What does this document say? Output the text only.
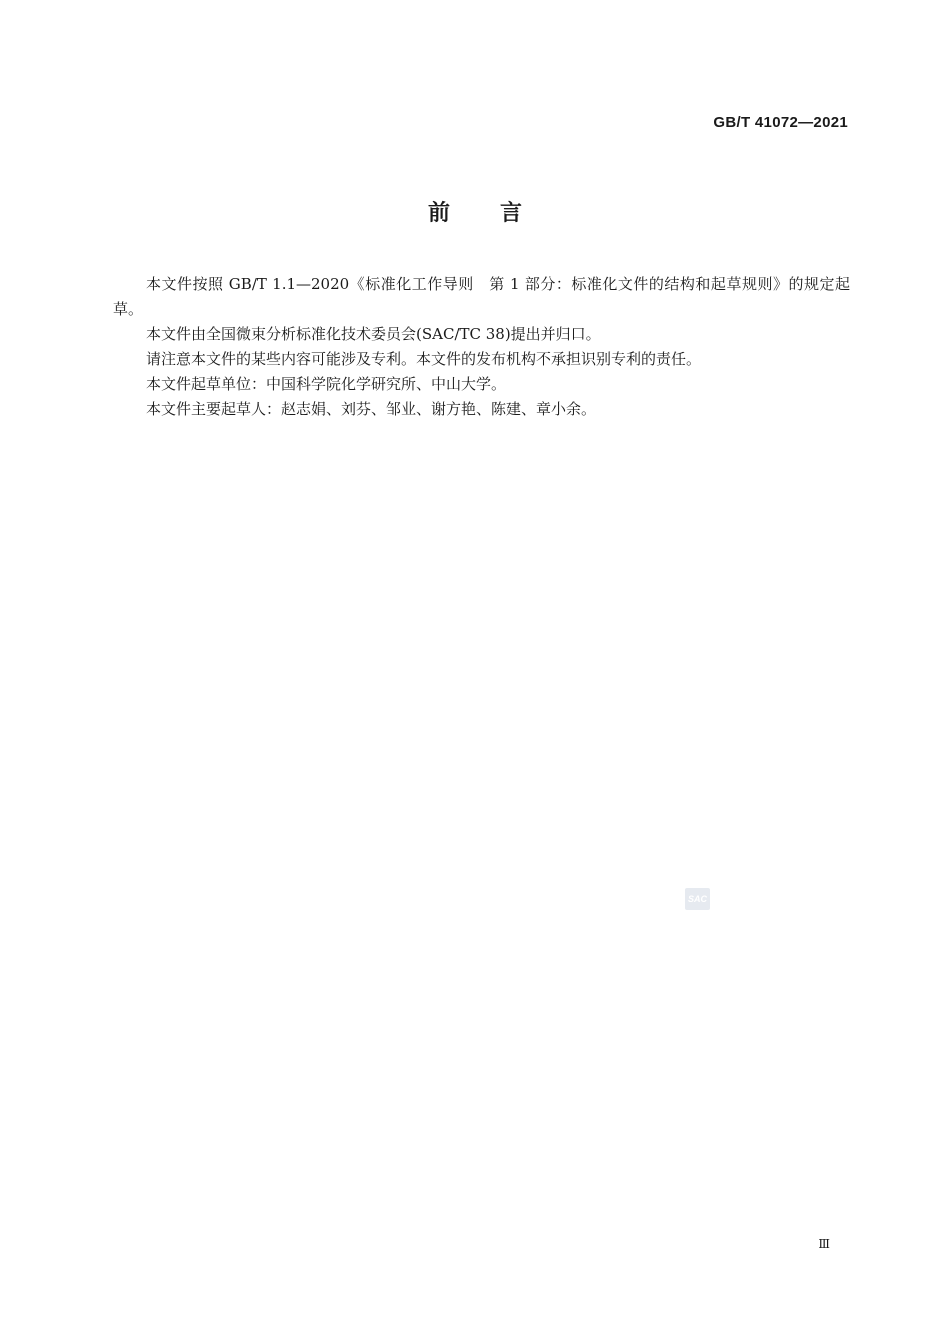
GB/T 41072—2021
前言

本文件按照 GB/T 1.1—2020《标准化工作导则　第 1 部分：标准化文件的结构和起草规则》的规定起草。

本文件由全国微束分析标准化技术委员会(SAC/TC 38)提出并归口。

请注意本文件的某些内容可能涉及专利。本文件的发布机构不承担识别专利的责任。

本文件起草单位：中国科学院化学研究所、中山大学。

本文件主要起草人：赵志娟、刘芬、邹业、谢方艳、陈建、章小余。

SAC
Ⅲ
